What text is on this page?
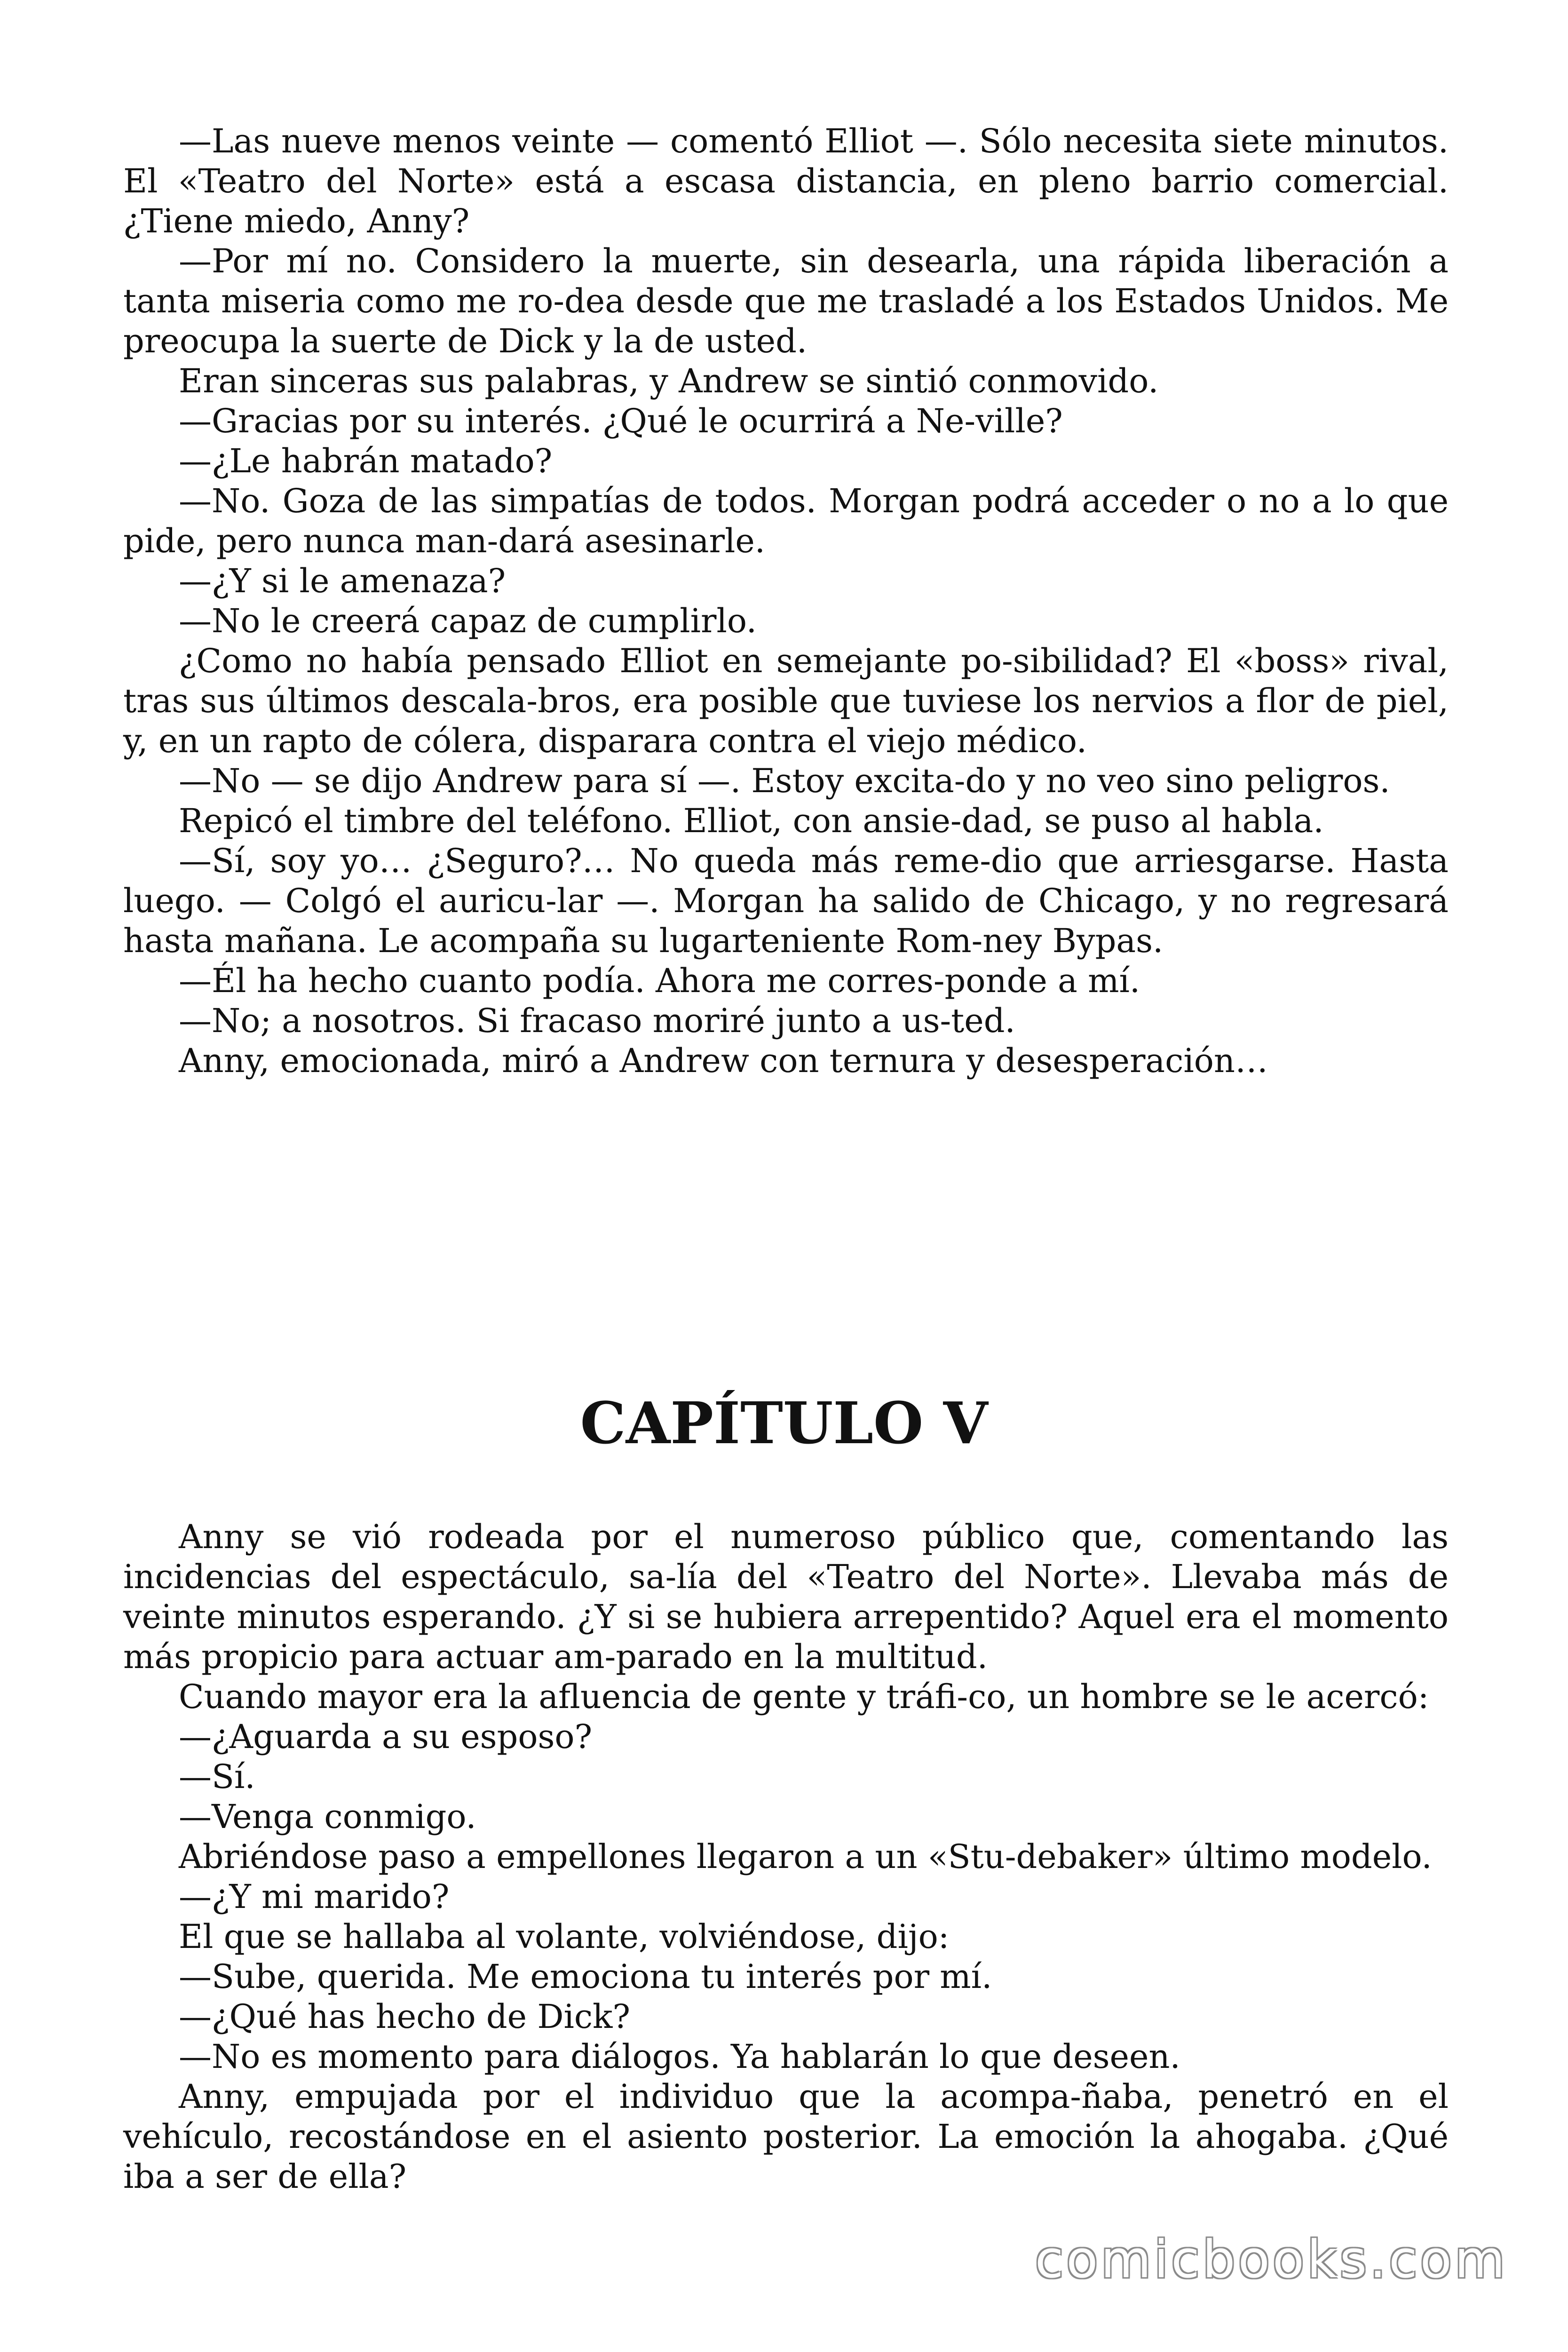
—Las nueve menos veinte — comentó Elliot —. Sólo necesita siete minutos. El «Teatro del Norte» está a escasa distancia, en pleno barrio comercial. ¿Tiene miedo, Anny?

—Por mí no. Considero la muerte, sin desearla, una rápida liberación a tanta miseria como me ro-dea desde que me trasladé a los Estados Unidos. Me preocupa la suerte de Dick y la de usted.

Eran sinceras sus palabras, y Andrew se sintió conmovido.

—Gracias por su interés. ¿Qué le ocurrirá a Ne-ville?

—¿Le habrán matado?

—No. Goza de las simpatías de todos. Morgan podrá acceder o no a lo que pide, pero nunca man-dará asesinarle.

—¿Y si le amenaza?

—No le creerá capaz de cumplirlo.

¿Como no había pensado Elliot en semejante po-sibilidad? El «boss» rival, tras sus últimos descala-bros, era posible que tuviese los nervios a flor de piel, y, en un rapto de cólera, disparara contra el viejo médico.

—No — se dijo Andrew para sí —. Estoy excita-do y no veo sino peligros.

Repicó el timbre del teléfono. Elliot, con ansie-dad, se puso al habla.

—Sí, soy yo… ¿Seguro?… No queda más reme-dio que arriesgarse. Hasta luego. — Colgó el auricu-lar —. Morgan ha salido de Chicago, y no regresará hasta mañana. Le acompaña su lugarteniente Rom-ney Bypas.

—Él ha hecho cuanto podía. Ahora me corres-ponde a mí.

—No; a nosotros. Si fracaso moriré junto a us-ted.

Anny, emocionada, miró a Andrew con ternura y desesperación…

CAPÍTULO V

Anny se vió rodeada por el numeroso público que, comentando las incidencias del espectáculo, sa-lía del «Teatro del Norte». Llevaba más de veinte minutos esperando. ¿Y si se hubiera arrepentido? Aquel era el momento más propicio para actuar am-parado en la multitud.

Cuando mayor era la afluencia de gente y tráfi-co, un hombre se le acercó:

—¿Aguarda a su esposo?

—Sí.

—Venga conmigo.

Abriéndose paso a empellones llegaron a un «Stu-debaker» último modelo.

—¿Y mi marido?

El que se hallaba al volante, volviéndose, dijo:

—Sube, querida. Me emociona tu interés por mí.

—¿Qué has hecho de Dick?

—No es momento para diálogos. Ya hablarán lo que deseen.

Anny, empujada por el individuo que la acompa-ñaba, penetró en el vehículo, recostándose en el asiento posterior. La emoción la ahogaba. ¿Qué iba a ser de ella?

comicbooks.com
